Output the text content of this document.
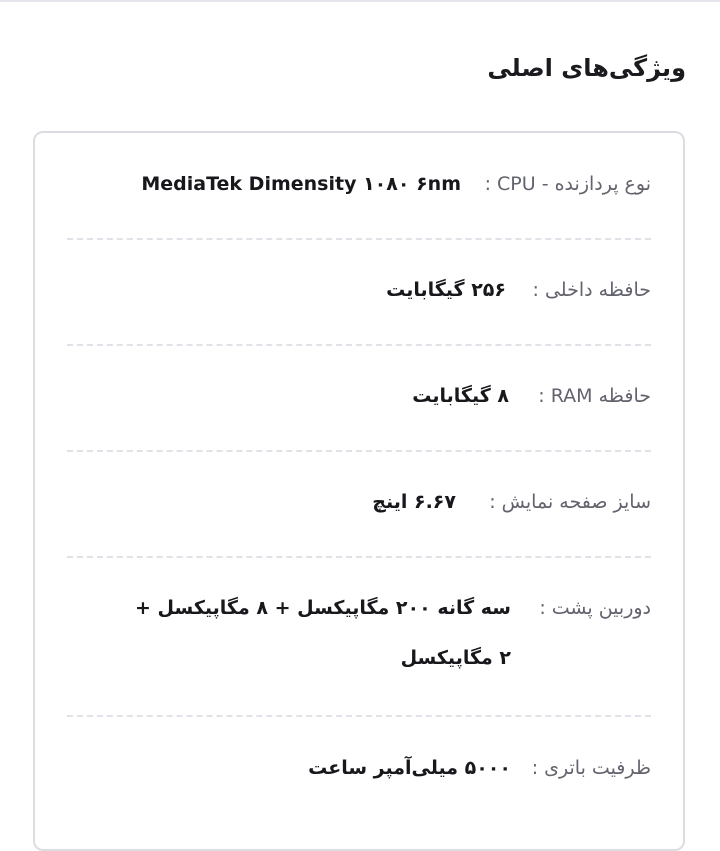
ویژگی‌های اصلی
نوع پردازنده - CPU :
MediaTek Dimensity ۱۰۸۰ ۶nm
حافظه داخلی :
۲۵۶ گیگابایت
حافظه RAM :
۸ گیگابایت
سایز صفحه نمایش :
۶.۶۷ اینچ
دوربین پشت :
سه گانه ۲۰۰ مگاپیکسل + ۸ مگاپیکسل + ۲ مگاپیکسل
ظرفیت باتری :
۵۰۰۰ میلی‌آمپر ساعت
